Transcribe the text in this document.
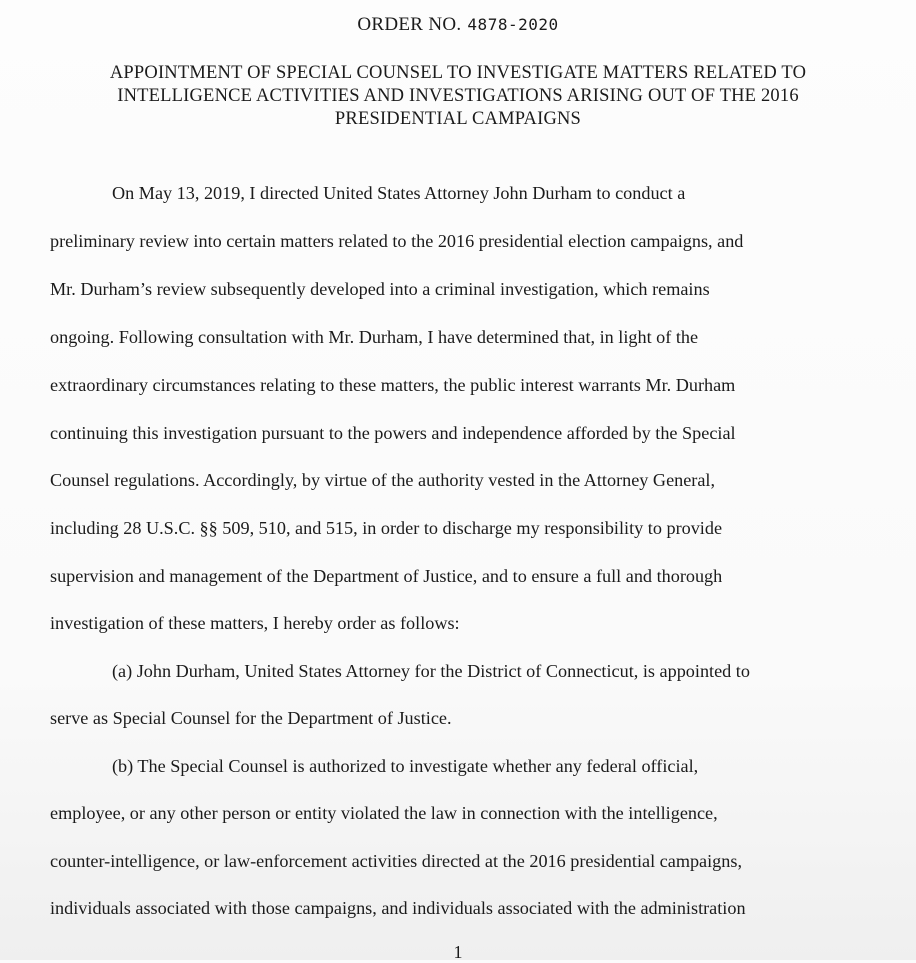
ORDER NO. 4878-2020
APPOINTMENT OF SPECIAL COUNSEL TO INVESTIGATE MATTERS RELATED TO
INTELLIGENCE ACTIVITIES AND INVESTIGATIONS ARISING OUT OF THE 2016
PRESIDENTIAL CAMPAIGNS
On May 13, 2019, I directed United States Attorney John Durham to conduct a
preliminary review into certain matters related to the 2016 presidential election campaigns, and
Mr. Durham’s review subsequently developed into a criminal investigation, which remains
ongoing. Following consultation with Mr. Durham, I have determined that, in light of the
extraordinary circumstances relating to these matters, the public interest warrants Mr. Durham
continuing this investigation pursuant to the powers and independence afforded by the Special
Counsel regulations. Accordingly, by virtue of the authority vested in the Attorney General,
including 28 U.S.C. §§ 509, 510, and 515, in order to discharge my responsibility to provide
supervision and management of the Department of Justice, and to ensure a full and thorough
investigation of these matters, I hereby order as follows:
(a) John Durham, United States Attorney for the District of Connecticut, is appointed to
serve as Special Counsel for the Department of Justice.
(b) The Special Counsel is authorized to investigate whether any federal official,
employee, or any other person or entity violated the law in connection with the intelligence,
counter-intelligence, or law-enforcement activities directed at the 2016 presidential campaigns,
individuals associated with those campaigns, and individuals associated with the administration
1
